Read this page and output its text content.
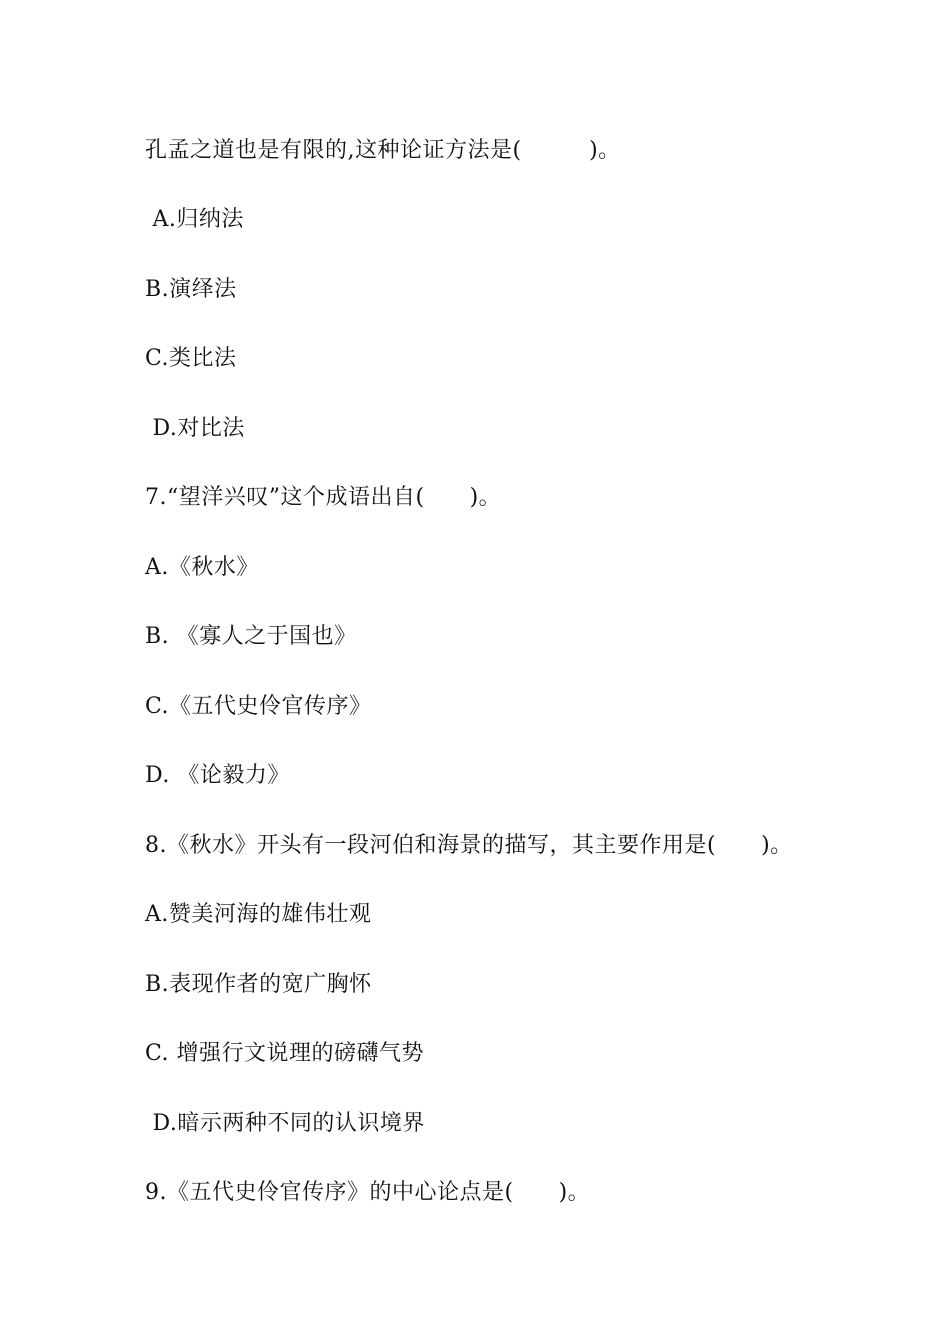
孔孟之道也是有限的,这种论证方法是(　　　)。
A.归纳法
B.演绎法
C.类比法
D.对比法
7.“望洋兴叹”这个成语出自(　　)。
A.《秋水》
B. 《寡人之于国也》
C.《五代史伶官传序》
D. 《论毅力》
8.《秋水》开头有一段河伯和海景的描写，其主要作用是(　　)。
A.赞美河海的雄伟壮观
B.表现作者的宽广胸怀
C. 增强行文说理的磅礴气势
D.暗示两种不同的认识境界
9.《五代史伶官传序》的中心论点是(　　)。
